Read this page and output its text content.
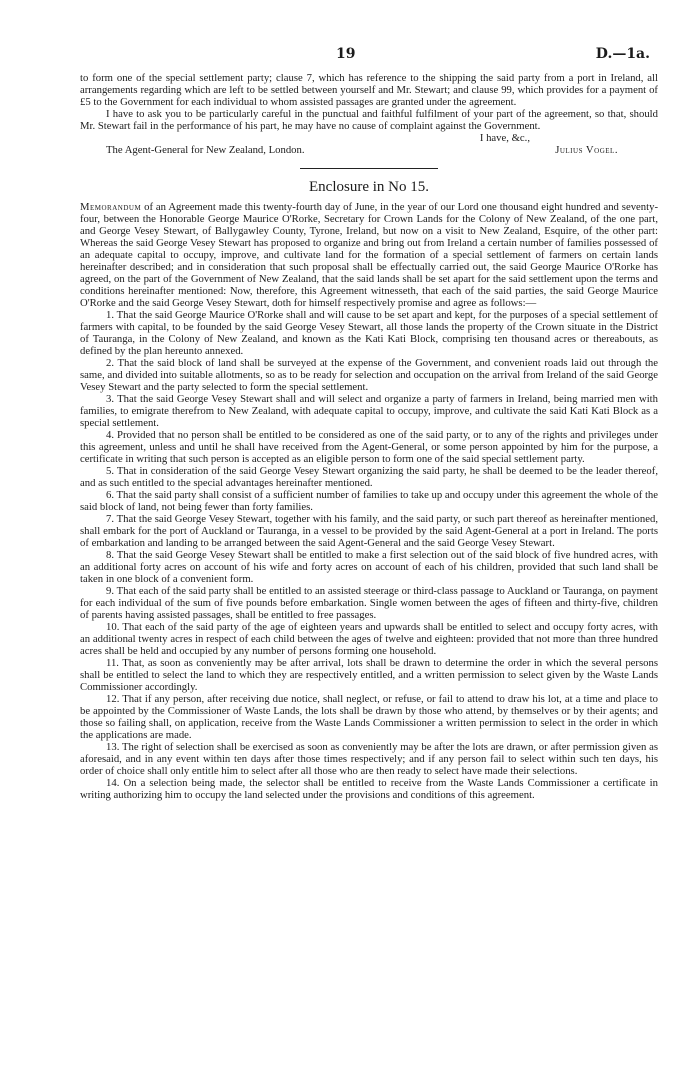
19	D.—1a.

to form one of the special settlement party; clause 7, which has reference to the shipping the said party from a port in Ireland, all arrangements regarding which are left to be settled between yourself and Mr. Stewart; and clause 99, which provides for a payment of £5 to the Government for each individual to whom assisted passages are granted under the agreement.

I have to ask you to be particularly careful in the punctual and faithful fulfilment of your part of the agreement, so that, should Mr. Stewart fail in the performance of his part, he may have no cause of complaint against the Government.

I have, &c.,
The Agent-General for New Zealand, London.	Julius Vogel.
Enclosure in No 15.

Memorandum of an Agreement made this twenty-fourth day of June, in the year of our Lord one thousand eight hundred and seventy-four, between the Honorable George Maurice O'Rorke, Secretary for Crown Lands for the Colony of New Zealand, of the one part, and George Vesey Stewart, of Ballygawley County, Tyrone, Ireland, but now on a visit to New Zealand, Esquire, of the other part: Whereas the said George Vesey Stewart has proposed to organize and bring out from Ireland a certain number of families possessed of an adequate capital to occupy, improve, and cultivate land for the formation of a special settlement of farmers on certain lands hereinafter described; and in consideration that such proposal shall be effectually carried out, the said George Maurice O'Rorke has agreed, on the part of the Government of New Zealand, that the said lands shall be set apart for the said settlement upon the terms and conditions hereinafter mentioned: Now, therefore, this Agreement witnesseth, that each of the said parties, the said George Maurice O'Rorke and the said George Vesey Stewart, doth for himself respectively promise and agree as follows:—

1. That the said George Maurice O'Rorke shall and will cause to be set apart and kept, for the purposes of a special settlement of farmers with capital, to be founded by the said George Vesey Stewart, all those lands the property of the Crown situate in the District of Tauranga, in the Colony of New Zealand, and known as the Kati Kati Block, comprising ten thousand acres or thereabouts, as defined by the plan hereunto annexed.

2. That the said block of land shall be surveyed at the expense of the Government, and convenient roads laid out through the same, and divided into suitable allotments, so as to be ready for selection and occupation on the arrival from Ireland of the said George Vesey Stewart and the party selected to form the special settlement.

3. That the said George Vesey Stewart shall and will select and organize a party of farmers in Ireland, being married men with families, to emigrate therefrom to New Zealand, with adequate capital to occupy, improve, and cultivate the said Kati Kati Block as a special settlement.

4. Provided that no person shall be entitled to be considered as one of the said party, or to any of the rights and privileges under this agreement, unless and until he shall have received from the Agent-General, or some person appointed by him for the purpose, a certificate in writing that such person is accepted as an eligible person to form one of the said special settlement party.

5. That in consideration of the said George Vesey Stewart organizing the said party, he shall be deemed to be the leader thereof, and as such entitled to the special advantages hereinafter mentioned.

6. That the said party shall consist of a sufficient number of families to take up and occupy under this agreement the whole of the said block of land, not being fewer than forty families.

7. That the said George Vesey Stewart, together with his family, and the said party, or such part thereof as hereinafter mentioned, shall embark for the port of Auckland or Tauranga, in a vessel to be provided by the said Agent-General at a port in Ireland. The ports of embarkation and landing to be arranged between the said Agent-General and the said George Vesey Stewart.

8. That the said George Vesey Stewart shall be entitled to make a first selection out of the said block of five hundred acres, with an additional forty acres on account of his wife and forty acres on account of each of his children, provided that such land shall be taken in one block of a convenient form.

9. That each of the said party shall be entitled to an assisted steerage or third-class passage to Auckland or Tauranga, on payment for each individual of the sum of five pounds before embarkation. Single women between the ages of fifteen and thirty-five, children of parents having assisted passages, shall be entitled to free passages.

10. That each of the said party of the age of eighteen years and upwards shall be entitled to select and occupy forty acres, with an additional twenty acres in respect of each child between the ages of twelve and eighteen: provided that not more than three hundred acres shall be held and occupied by any number of persons forming one household.

11. That, as soon as conveniently may be after arrival, lots shall be drawn to determine the order in which the several persons shall be entitled to select the land to which they are respectively entitled, and a written permission to select given by the Waste Lands Commissioner accordingly.

12. That if any person, after receiving due notice, shall neglect, or refuse, or fail to attend to draw his lot, at a time and place to be appointed by the Commissioner of Waste Lands, the lots shall be drawn by those who attend, by themselves or by their agents; and those so failing shall, on application, receive from the Waste Lands Commissioner a written permission to select in the order in which the applications are made.

13. The right of selection shall be exercised as soon as conveniently may be after the lots are drawn, or after permission given as aforesaid, and in any event within ten days after those times respectively; and if any person fail to select within such ten days, his order of choice shall only entitle him to select after all those who are then ready to select have made their selections.

14. On a selection being made, the selector shall be entitled to receive from the Waste Lands Commissioner a certificate in writing authorizing him to occupy the land selected under the provisions and conditions of this agreement.
